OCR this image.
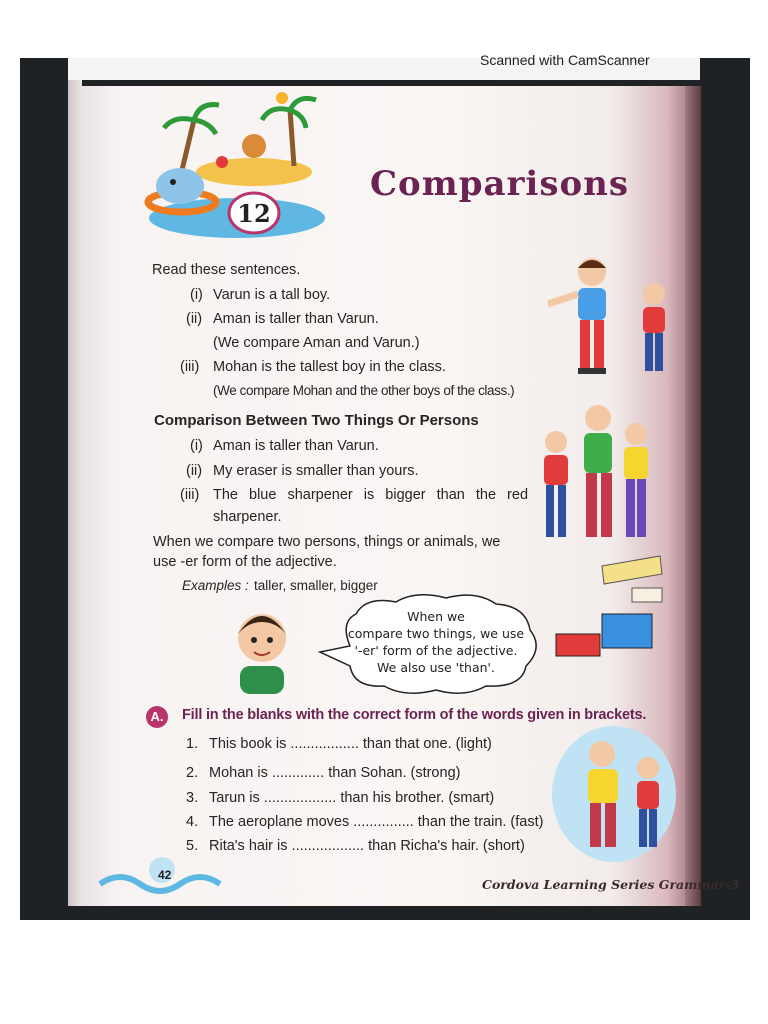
Scanned with CamScanner
12
Comparisons
Read these sentences.
(i) Varun is a tall boy.
(ii) Aman is taller than Varun.
(We compare Aman and Varun.)
(iii) Mohan is the tallest boy in the class.
(We compare Mohan and the other boys of the class.)
Comparison Between Two Things Or Persons
(i) Aman is taller than Varun.
(ii) My eraser is smaller than yours.
(iii) The blue sharpener is bigger than the red
sharpener.
When we compare two persons, things or animals, we
use -er form of the adjective.
Examples : taller, smaller, bigger
When we
compare two things, we use
'-er' form of the adjective.
We also use 'than'.
A.	Fill in the blanks with the correct form of the words given in brackets.
1. This book is ................. than that one. (light)
2. Mohan is ............. than Sohan. (strong)
3. Tarun is .................. than his brother. (smart)
4. The aeroplane moves ............... than the train. (fast)
5. Rita's hair is .................. than Richa's hair. (short)
42
Cordova Learning Series Grammar-3
Scanned with CamScanner
